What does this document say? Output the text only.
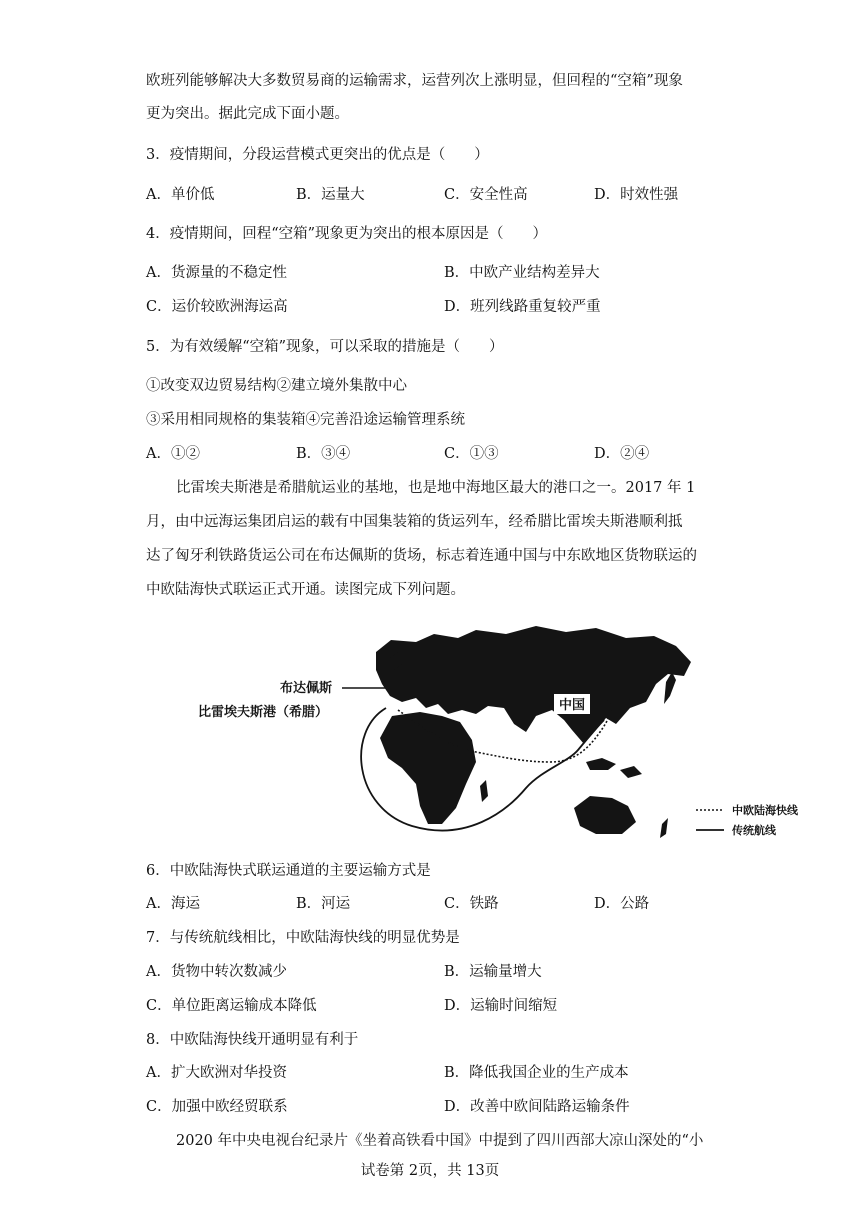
欧班列能够解决大多数贸易商的运输需求，运营列次上涨明显，但回程的“空箱”现象
更为突出。据此完成下面小题。
3．疫情期间，分段运营模式更突出的优点是（　　）
A．单价低	B．运量大	C．安全性高	D．时效性强
4．疫情期间，回程“空箱”现象更为突出的根本原因是（　　）
A．货源量的不稳定性	B．中欧产业结构差异大
C．运价较欧洲海运高	D．班列线路重复较严重
5．为有效缓解“空箱”现象，可以采取的措施是（　　）
①改变双边贸易结构②建立境外集散中心
③采用相同规格的集装箱④完善沿途运输管理系统
A．①②	B．③④	C．①③	D．②④
比雷埃夫斯港是希腊航运业的基地，也是地中海地区最大的港口之一。2017 年 1
月，由中远海运集团启运的载有中国集装箱的货运列车，经希腊比雷埃夫斯港顺利抵
达了匈牙利铁路货运公司在布达佩斯的货场，标志着连通中国与中东欧地区货物联运的
中欧陆海快式联运正式开通。读图完成下列问题。
中国
布达佩斯
比雷埃夫斯港（希腊）
中欧陆海快线
传统航线
6．中欧陆海快式联运通道的主要运输方式是
A．海运	B．河运	C．铁路	D．公路
7．与传统航线相比，中欧陆海快线的明显优势是
A．货物中转次数减少	B．运输量增大
C．单位距离运输成本降低	D．运输时间缩短
8．中欧陆海快线开通明显有利于
A．扩大欧洲对华投资	B．降低我国企业的生产成本
C．加强中欧经贸联系	D．改善中欧间陆路运输条件
2020 年中央电视台纪录片《坐着高铁看中国》中提到了四川西部大凉山深处的“小
试卷第 2页，共 13页
